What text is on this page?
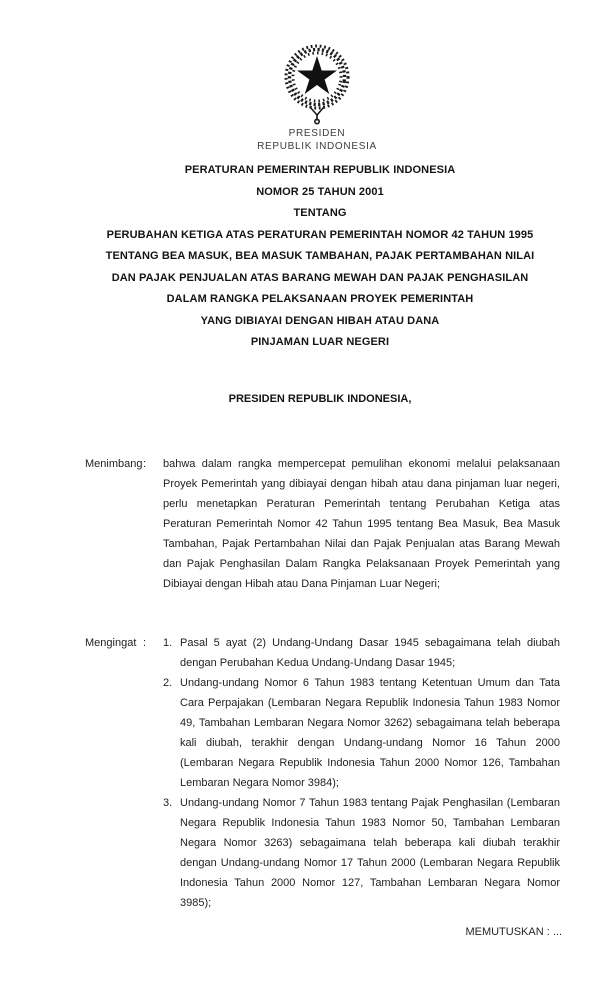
PRESIDEN
REPUBLIK INDONESIA
PERATURAN PEMERINTAH REPUBLIK INDONESIA
NOMOR 25 TAHUN 2001
TENTANG
PERUBAHAN KETIGA ATAS PERATURAN PEMERINTAH NOMOR 42 TAHUN 1995
TENTANG BEA MASUK, BEA MASUK TAMBAHAN, PAJAK PERTAMBAHAN NILAI
DAN PAJAK PENJUALAN ATAS BARANG MEWAH DAN PAJAK PENGHASILAN
DALAM RANGKA PELAKSANAAN PROYEK PEMERINTAH
YANG DIBIAYAI DENGAN HIBAH ATAU DANA
PINJAMAN LUAR NEGERI
PRESIDEN REPUBLIK INDONESIA,
Menimbang :	bahwa dalam rangka mempercepat pemulihan ekonomi melalui pelaksanaan Proyek Pemerintah yang dibiayai dengan hibah atau dana pinjaman luar negeri, perlu menetapkan Peraturan Pemerintah tentang Perubahan Ketiga atas Peraturan Pemerintah Nomor 42 Tahun 1995 tentang Bea Masuk, Bea Masuk Tambahan, Pajak Pertambahan Nilai dan Pajak Penjualan atas Barang Mewah dan Pajak Penghasilan Dalam Rangka Pelaksanaan Proyek Pemerintah yang Dibiayai dengan Hibah atau Dana Pinjaman Luar Negeri;
Mengingat :	1. Pasal 5 ayat (2) Undang-Undang Dasar 1945 sebagaimana telah diubah dengan Perubahan Kedua Undang-Undang Dasar 1945;
2. Undang-undang Nomor 6 Tahun 1983 tentang Ketentuan Umum dan Tata Cara Perpajakan (Lembaran Negara Republik Indonesia Tahun 1983 Nomor 49, Tambahan Lembaran Negara Nomor 3262) sebagaimana telah beberapa kali diubah, terakhir dengan Undang-undang Nomor 16 Tahun 2000 (Lembaran Negara Republik Indonesia Tahun 2000 Nomor 126, Tambahan Lembaran Negara Nomor 3984);
3. Undang-undang Nomor 7 Tahun 1983 tentang Pajak Penghasilan (Lembaran Negara Republik Indonesia Tahun 1983 Nomor 50, Tambahan Lembaran Negara Nomor 3263) sebagaimana telah beberapa kali diubah terakhir dengan Undang-undang Nomor 17 Tahun 2000 (Lembaran Negara Republik Indonesia Tahun 2000 Nomor 127, Tambahan Lembaran Negara Nomor 3985);
MEMUTUSKAN : ...
